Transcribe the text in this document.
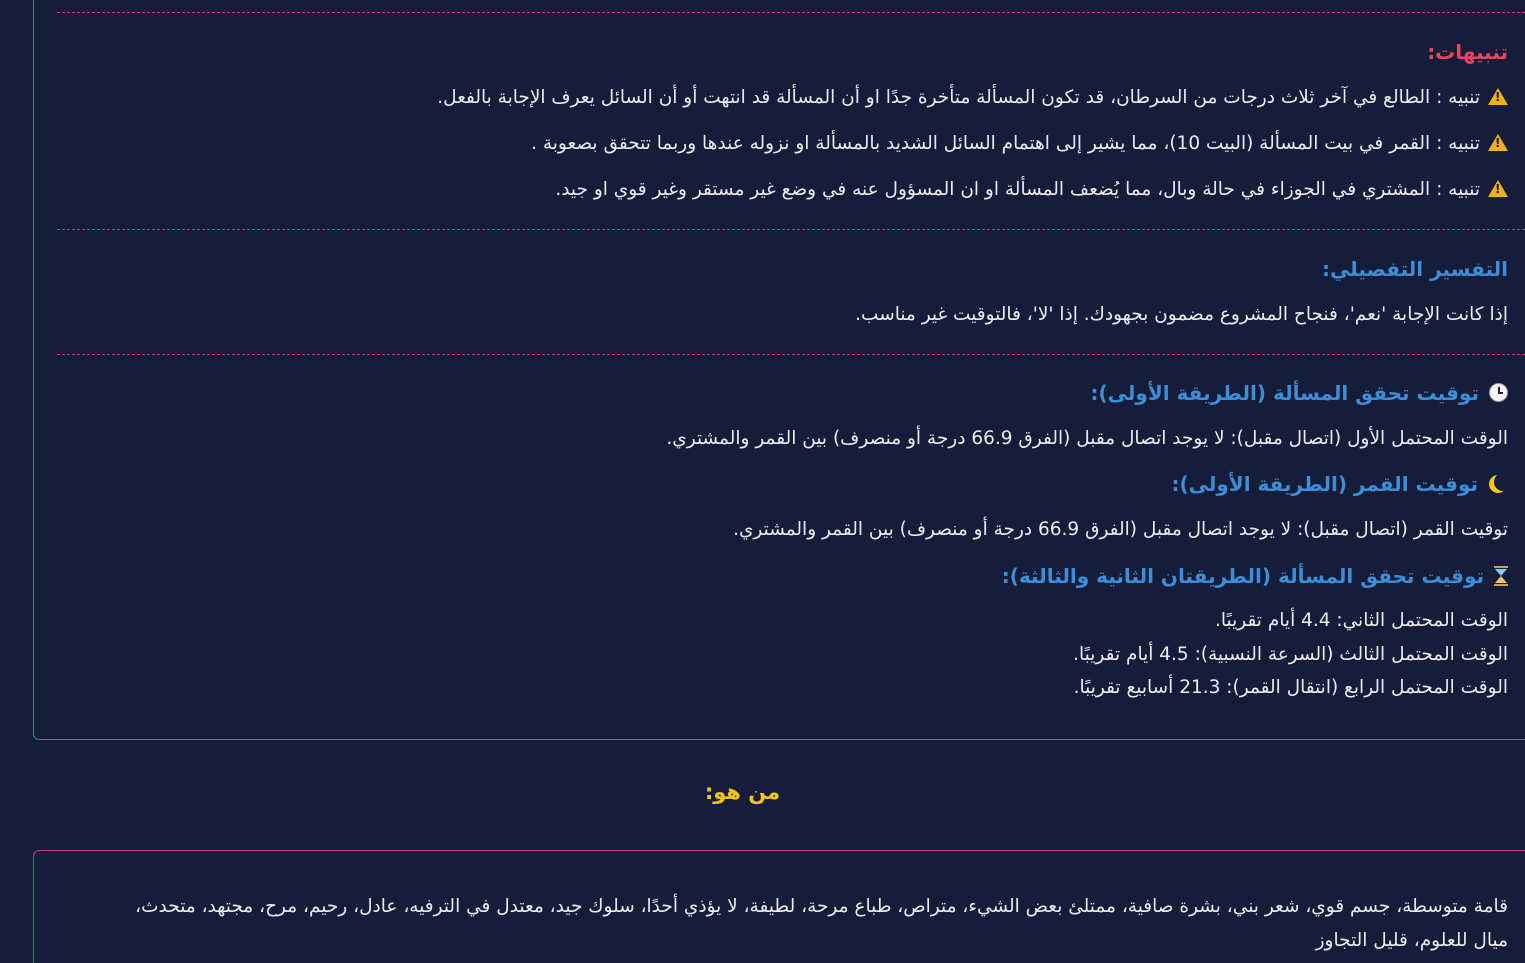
تنبيهات:
!تنبيه : الطالع في آخر ثلاث درجات من السرطان، قد تكون المسألة متأخرة جدًا او أن المسألة قد انتهت أو أن السائل يعرف الإجابة بالفعل.
!تنبيه : القمر في بيت المسألة (البيت 10)، مما يشير إلى اهتمام السائل الشديد بالمسألة او نزوله عندها وربما تتحقق بصعوبة .
!تنبيه : المشتري في الجوزاء في حالة وبال، مما يُضعف المسألة او ان المسؤول عنه في وضع غير مستقر وغير قوي او جيد.
التفسير التفصيلي:
إذا كانت الإجابة 'نعم'، فنجاح المشروع مضمون بجهودك. إذا 'لا'، فالتوقيت غير مناسب.
توقيت تحقق المسألة (الطريقة الأولى):
الوقت المحتمل الأول (اتصال مقبل): لا يوجد اتصال مقبل (الفرق 66.9 درجة أو منصرف) بين القمر والمشتري.
توقيت القمر (الطريقة الأولى):
توقيت القمر (اتصال مقبل): لا يوجد اتصال مقبل (الفرق 66.9 درجة أو منصرف) بين القمر والمشتري.
توقيت تحقق المسألة (الطريقتان الثانية والثالثة):
الوقت المحتمل الثاني: 4.4 أيام تقريبًا.
الوقت المحتمل الثالث (السرعة النسبية): 4.5 أيام تقريبًا.
الوقت المحتمل الرابع (انتقال القمر): 21.3 أسابيع تقريبًا.
من هو:
قامة متوسطة، جسم قوي، شعر بني، بشرة صافية، ممتلئ بعض الشيء، متراص، طباع مرحة، لطيفة، لا يؤذي أحدًا، سلوك جيد، معتدل في الترفيه، عادل، رحيم، مرح، مجتهد، متحدث، ميال للعلوم، قليل التجاوز
